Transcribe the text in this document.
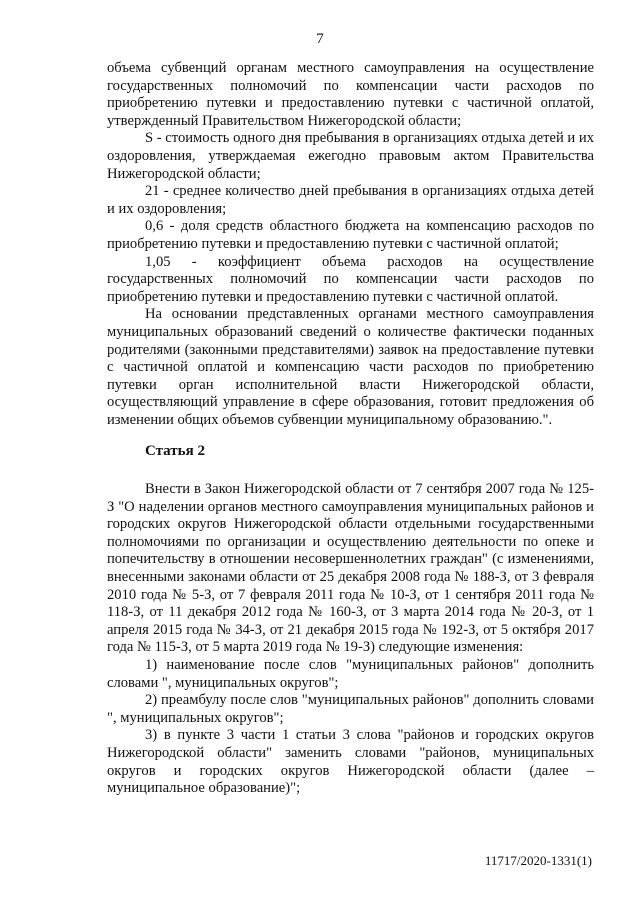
7

объема субвенций органам местного самоуправления на осуществление государственных полномочий по компенсации части расходов по приобретению путевки и предоставлению путевки с частичной оплатой, утвержденный Правительством Нижегородской области;

S - стоимость одного дня пребывания в организациях отдыха детей и их оздоровления, утверждаемая ежегодно правовым актом Правительства Нижегородской области;

21 - среднее количество дней пребывания в организациях отдыха детей и их оздоровления;

0,6 - доля средств областного бюджета на компенсацию расходов по приобретению путевки и предоставлению путевки с частичной оплатой;

1,05 - коэффициент объема расходов на осуществление государственных полномочий по компенсации части расходов по приобретению путевки и предоставлению путевки с частичной оплатой.

На основании представленных органами местного самоуправления муниципальных образований сведений о количестве фактически поданных родителями (законными представителями) заявок на предоставление путевки с частичной оплатой и компенсацию части расходов по приобретению путевки орган исполнительной власти Нижегородской области, осуществляющий управление в сфере образования, готовит предложения об изменении общих объемов субвенции муниципальному образованию.".

Статья 2

Внести в Закон Нижегородской области от 7 сентября 2007 года № 125-З "О наделении органов местного самоуправления муниципальных районов и городских округов Нижегородской области отдельными государственными полномочиями по организации и осуществлению деятельности по опеке и попечительству в отношении несовершеннолетних граждан" (с изменениями, внесенными законами области от 25 декабря 2008 года № 188-З, от 3 февраля 2010 года № 5-З, от 7 февраля 2011 года № 10-З, от 1 сентября 2011 года № 118-З, от 11 декабря 2012 года № 160-З, от 3 марта 2014 года № 20-З, от 1 апреля 2015 года № 34-З, от 21 декабря 2015 года № 192-З, от 5 октября 2017 года № 115-З, от 5 марта 2019 года № 19-З) следующие изменения:

1) наименование после слов "муниципальных районов" дополнить словами ", муниципальных округов";

2) преамбулу после слов "муниципальных районов" дополнить словами ", муниципальных округов";

3) в пункте 3 части 1 статьи 3 слова "районов и городских округов Нижегородской области" заменить словами "районов, муниципальных округов и городских округов Нижегородской области (далее – муниципальное образование)";

11717/2020-1331(1)
